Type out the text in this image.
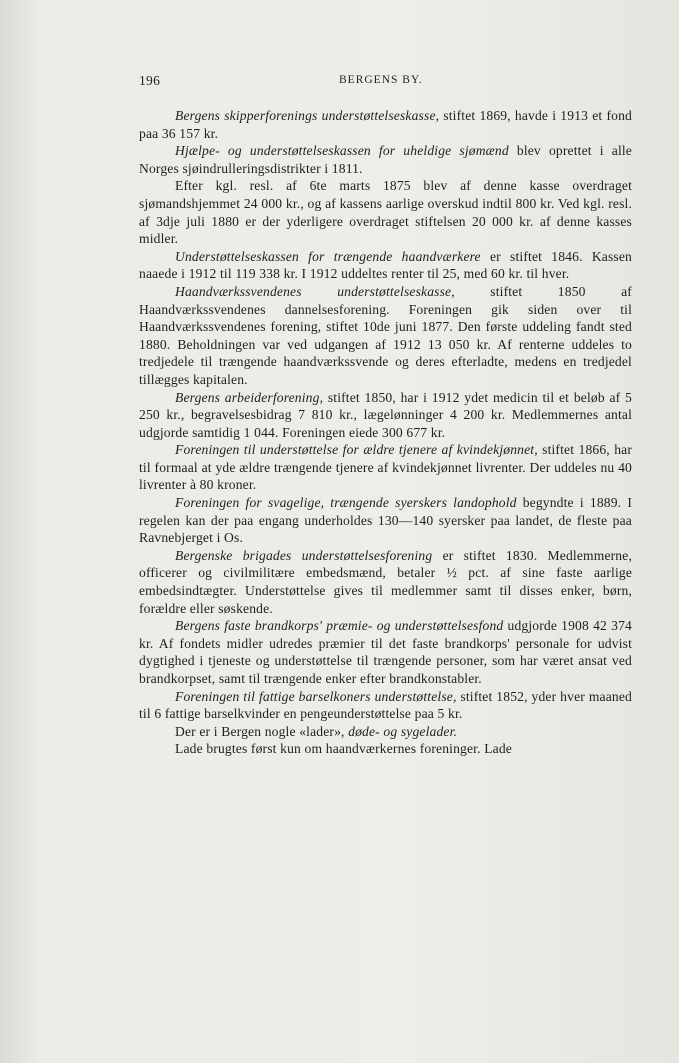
196	BERGENS BY.

Bergens skipperforenings understøttelseskasse, stiftet 1869, havde i 1913 et fond paa 36 157 kr.

Hjælpe- og understøttelseskassen for uheldige sjømænd blev oprettet i alle Norges sjøindrulleringsdistrikter i 1811.

Efter kgl. resl. af 6te marts 1875 blev af denne kasse overdraget sjømandshjemmet 24 000 kr., og af kassens aarlige overskud indtil 800 kr. Ved kgl. resl. af 3dje juli 1880 er der yderligere overdraget stiftelsen 20 000 kr. af denne kasses midler.

Understøttelseskassen for trængende haandværkere er stiftet 1846. Kassen naaede i 1912 til 119 338 kr. I 1912 uddeltes renter til 25, med 60 kr. til hver.

Haandværkssvendenes understøttelseskasse, stiftet 1850 af Haandværkssvendenes dannelsesforening. Foreningen gik siden over til Haandværkssvendenes forening, stiftet 10de juni 1877. Den første uddeling fandt sted 1880. Beholdningen var ved udgangen af 1912 13 050 kr. Af renterne uddeles to tredjedele til trængende haandværkssvende og deres efterladte, medens en tredjedel tillægges kapitalen.

Bergens arbeiderforening, stiftet 1850, har i 1912 ydet medicin til et beløb af 5 250 kr., begravelsesbidrag 7 810 kr., lægelønninger 4 200 kr. Medlemmernes antal udgjorde samtidig 1 044. Foreningen eiede 300 677 kr.

Foreningen til understøttelse for ældre tjenere af kvindekjønnet, stiftet 1866, har til formaal at yde ældre trængende tjenere af kvindekjønnet livrenter. Der uddeles nu 40 livrenter à 80 kroner.

Foreningen for svagelige, trængende syerskers landophold begyndte i 1889. I regelen kan der paa engang underholdes 130—140 syersker paa landet, de fleste paa Ravnebjerget i Os.

Bergenske brigades understøttelsesforening er stiftet 1830. Medlemmerne, officerer og civilmilitære embedsmænd, betaler ½ pct. af sine faste aarlige embedsindtægter. Understøttelse gives til medlemmer samt til disses enker, børn, forældre eller søskende.

Bergens faste brandkorps' præmie- og understøttelsesfond udgjorde 1908 42 374 kr. Af fondets midler udredes præmier til det faste brandkorps' personale for udvist dygtighed i tjeneste og understøttelse til trængende personer, som har været ansat ved brandkorpset, samt til trængende enker efter brandkonstabler.

Foreningen til fattige barselkoners understøttelse, stiftet 1852, yder hver maaned til 6 fattige barselkvinder en pengeunderstøttelse paa 5 kr.

Der er i Bergen nogle «lader», døde- og sygelader.

Lade brugtes først kun om haandværkernes foreninger. Lade
